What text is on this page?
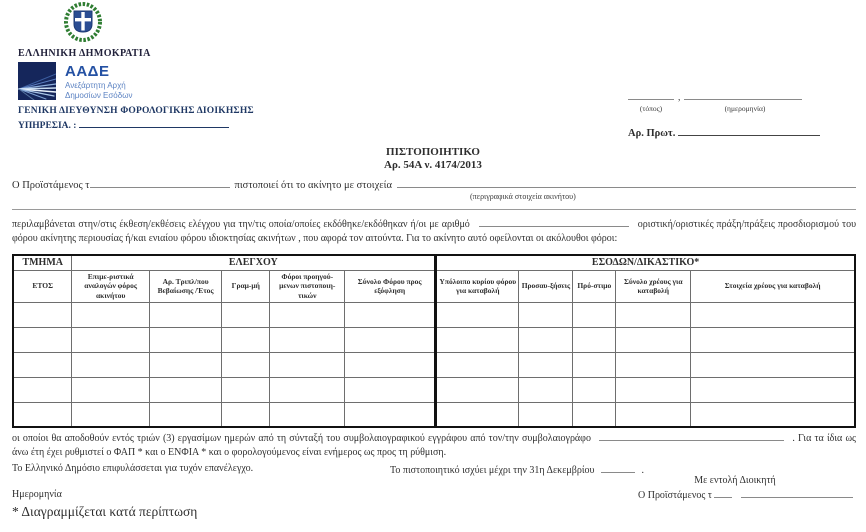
ΕΛΛΗΝΙΚΗ ΔΗΜΟΚΡΑΤΙΑ
ΑΑΔΕ
Ανεξάρτητη Αρχή
Δημοσίων Εσόδων
ΓΕΝΙΚΗ ΔΙΕΥΘΥΝΣΗ ΦΟΡΟΛΟΓΙΚΗΣ ΔΙΟΙΚΗΣΗΣ
ΥΠΗΡΕΣΙΑ. :
,
(τόπος)	(ημερομηνία)
Αρ. Πρωτ.
ΠΙΣΤΟΠΟΙΗΤΙΚΟ
Αρ. 54Α ν. 4174/2013
Ο Προϊστάμενος τ	πιστοποιεί ότι το ακίνητο με στοιχεία
(περιγραφικά στοιχεία ακινήτου)
περιλαμβάνεται στην/στις έκθεση/εκθέσεις ελέγχου για την/τις οποία/οποίες εκδόθηκε/εκδόθηκαν ή/οι με αριθμό	οριστική/οριστικές πράξη/πράξεις προσδιορισμού του φόρου ακίνητης περιουσίας ή/και ενιαίου φόρου ιδιοκτησίας ακινήτων , που αφορά τον αιτούντα. Για το ακίνητο αυτό οφείλονται οι ακόλουθοι φόροι:
ΤΜΗΜΑ	ΕΛΕΓΧΟΥ					ΕΣΟΔΩΝ/ΔΙΚΑΣΤΙΚΟ*				
ΕΤΟΣ	Επιμε-ριστικά αναλογών φόρος ακινήτου	Αρ. Τριπλ/που Βεβαίωσης /Έτος	Γραμ-μή	Φόροι προηγού-μενων πιστοποιη-τικών	Σύνολο Φόρου προς εξόφληση	Υπόλοιπο κυρίου φόρου για καταβολή	Προσαυ-ξήσεις	Πρό-στιμο	Σύνολο χρέους για καταβολή	Στοιχεία χρέους για καταβολή

οι οποίοι θα αποδοθούν εντός τριών (3) εργασίμων ημερών από τη σύνταξή του συμβολαιογραφικού εγγράφου από τον/την συμβολαιογράφο	. Για τα ίδια ως άνω έτη έχει ρυθμιστεί ο ΦΑΠ * και ο ΕΝΦΙΑ * και ο φορολογούμενος είναι ενήμερος ως προς τη ρύθμιση.
Το Ελληνικό Δημόσιο επιφυλάσσεται για τυχόν επανέλεγχο.	Το πιστοποιητικό ισχύει μέχρι την 31η Δεκεμβρίου	.
Με εντολή Διοικητή
Ο Προϊστάμενος τ
Ημερομηνία
* Διαγραμμίζεται κατά περίπτωση
